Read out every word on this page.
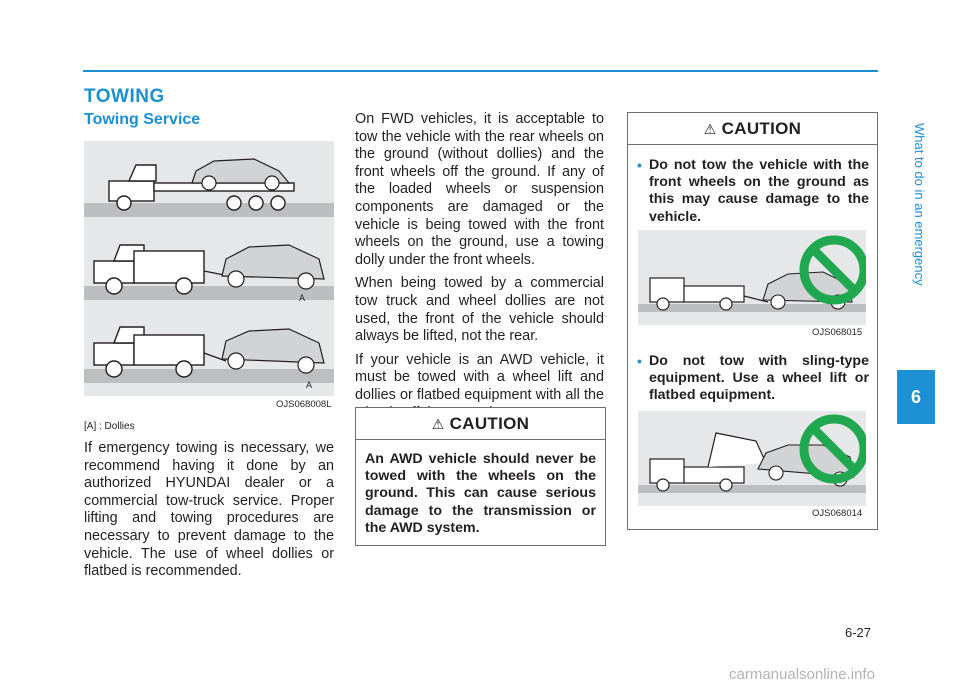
TOWING
Towing Service
A
A
OJS068008L
[A] : Dollies

If emergency towing is necessary, we recommend having it done by an authorized HYUNDAI dealer or a commercial tow-truck service. Proper lifting and towing procedures are necessary to prevent damage to the vehicle. The use of wheel dollies or flatbed is recommended.

On FWD vehicles, it is acceptable to tow the vehicle with the rear wheels on the ground (without dollies) and the front wheels off the ground. If any of the loaded wheels or suspension components are damaged or the vehicle is being towed with the front wheels on the ground, use a towing dolly under the front wheels.

When being towed by a commercial tow truck and wheel dollies are not used, the front of the vehicle should always be lifted, not the rear.

If your vehicle is an AWD vehicle, it must be towed with a wheel lift and dollies or flatbed equipment with all the

⚠ CAUTION
An AWD vehicle should never be towed with the wheels on the ground. This can cause serious damage to the transmission or the AWD system.
⚠ CAUTION
• Do not tow the vehicle with the front wheels on the ground as this may cause damage to the vehicle.
OJS068015
• Do not tow with sling-type equipment. Use a wheel lift or flatbed equipment.
OJS068014
What to do in an emergency
6
6-27
carmanualsonline.info
